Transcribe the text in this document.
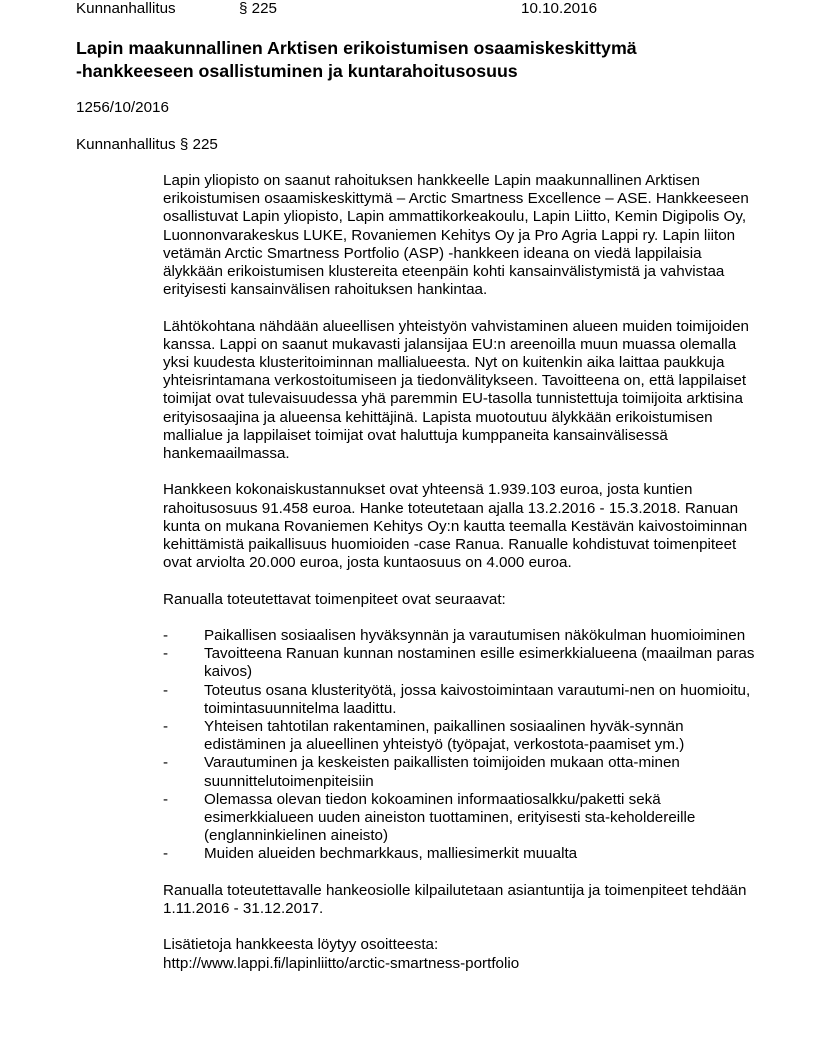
Kunnanhallitus	§ 225	10.10.2016
Lapin maakunnallinen Arktisen erikoistumisen osaamiskeskittymä
-hankkeeseen osallistuminen ja kuntarahoitusosuus
1256/10/2016
Kunnanhallitus § 225

Lapin yliopisto on saanut rahoituksen hankkeelle Lapin maakunnallinen Arktisen erikoistumisen osaamiskeskittymä – Arctic Smartness Excellence – ASE. Hankkeeseen osallistuvat Lapin yliopisto, Lapin ammattikorkeakoulu, Lapin Liitto, Kemin Digipolis Oy, Luonnonvarakeskus LUKE, Rovaniemen Kehitys Oy ja Pro Agria Lappi ry. Lapin liiton vetämän Arctic Smartness Portfolio (ASP) -hankkeen ideana on viedä lappilaisia älykkään erikoistumisen klustereita eteenpäin kohti kansainvälistymistä ja vahvistaa erityisesti kansainvälisen rahoituksen hankintaa.

Lähtökohtana nähdään alueellisen yhteistyön vahvistaminen alueen muiden toimijoiden kanssa. Lappi on saanut mukavasti jalansijaa EU:n areenoilla muun muassa olemalla yksi kuudesta klusteritoiminnan mallialueesta. Nyt on kuitenkin aika laittaa paukkuja yhteisrintamana verkostoitumiseen ja tiedonvälitykseen. Tavoitteena on, että lappilaiset toimijat ovat tulevaisuudessa yhä paremmin EU-tasolla tunnistettuja toimijoita arktisina erityisosaajina ja alueensa kehittäjinä. Lapista muotoutuu älykkään erikoistumisen mallialue ja lappilaiset toimijat ovat haluttuja kumppaneita kansainvälisessä hankemaailmassa.

Hankkeen kokonaiskustannukset ovat yhteensä 1.939.103 euroa, josta kuntien rahoitusosuus 91.458 euroa. Hanke toteutetaan ajalla 13.2.2016 - 15.3.2018. Ranuan kunta on mukana Rovaniemen Kehitys Oy:n kautta teemalla Kestävän kaivostoiminnan kehittämistä paikallisuus huomioiden -case Ranua. Ranualle kohdistuvat toimenpiteet ovat arviolta 20.000 euroa, josta kuntaosuus on 4.000 euroa.

Ranualla toteutettavat toimenpiteet ovat seuraavat:

-	Paikallisen sosiaalisen hyväksynnän ja varautumisen näkökulman huomioiminen
-	Tavoitteena Ranuan kunnan nostaminen esille esimerkkialueena (maailman paras kaivos)
-	Toteutus osana klusterityötä, jossa kaivostoimintaan varautumi-nen on huomioitu, toimintasuunnitelma laadittu.
-	Yhteisen tahtotilan rakentaminen, paikallinen sosiaalinen hyväk-synnän edistäminen ja alueellinen yhteistyö (työpajat, verkostota-paamiset ym.)
-	Varautuminen ja keskeisten paikallisten toimijoiden mukaan otta-minen suunnittelutoimenpiteisiin
-	Olemassa olevan tiedon kokoaminen informaatiosalkku/paketti sekä esimerkkialueen uuden aineiston tuottaminen, erityisesti sta-keholdereille (englanninkielinen aineisto)
-	Muiden alueiden bechmarkkaus, malliesimerkit muualta

Ranualla toteutettavalle hankeosiolle kilpailutetaan asiantuntija ja toimenpiteet tehdään 1.11.2016 - 31.12.2017.

Lisätietoja hankkeesta löytyy osoitteesta:
http://www.lappi.fi/lapinliitto/arctic-smartness-portfolio
